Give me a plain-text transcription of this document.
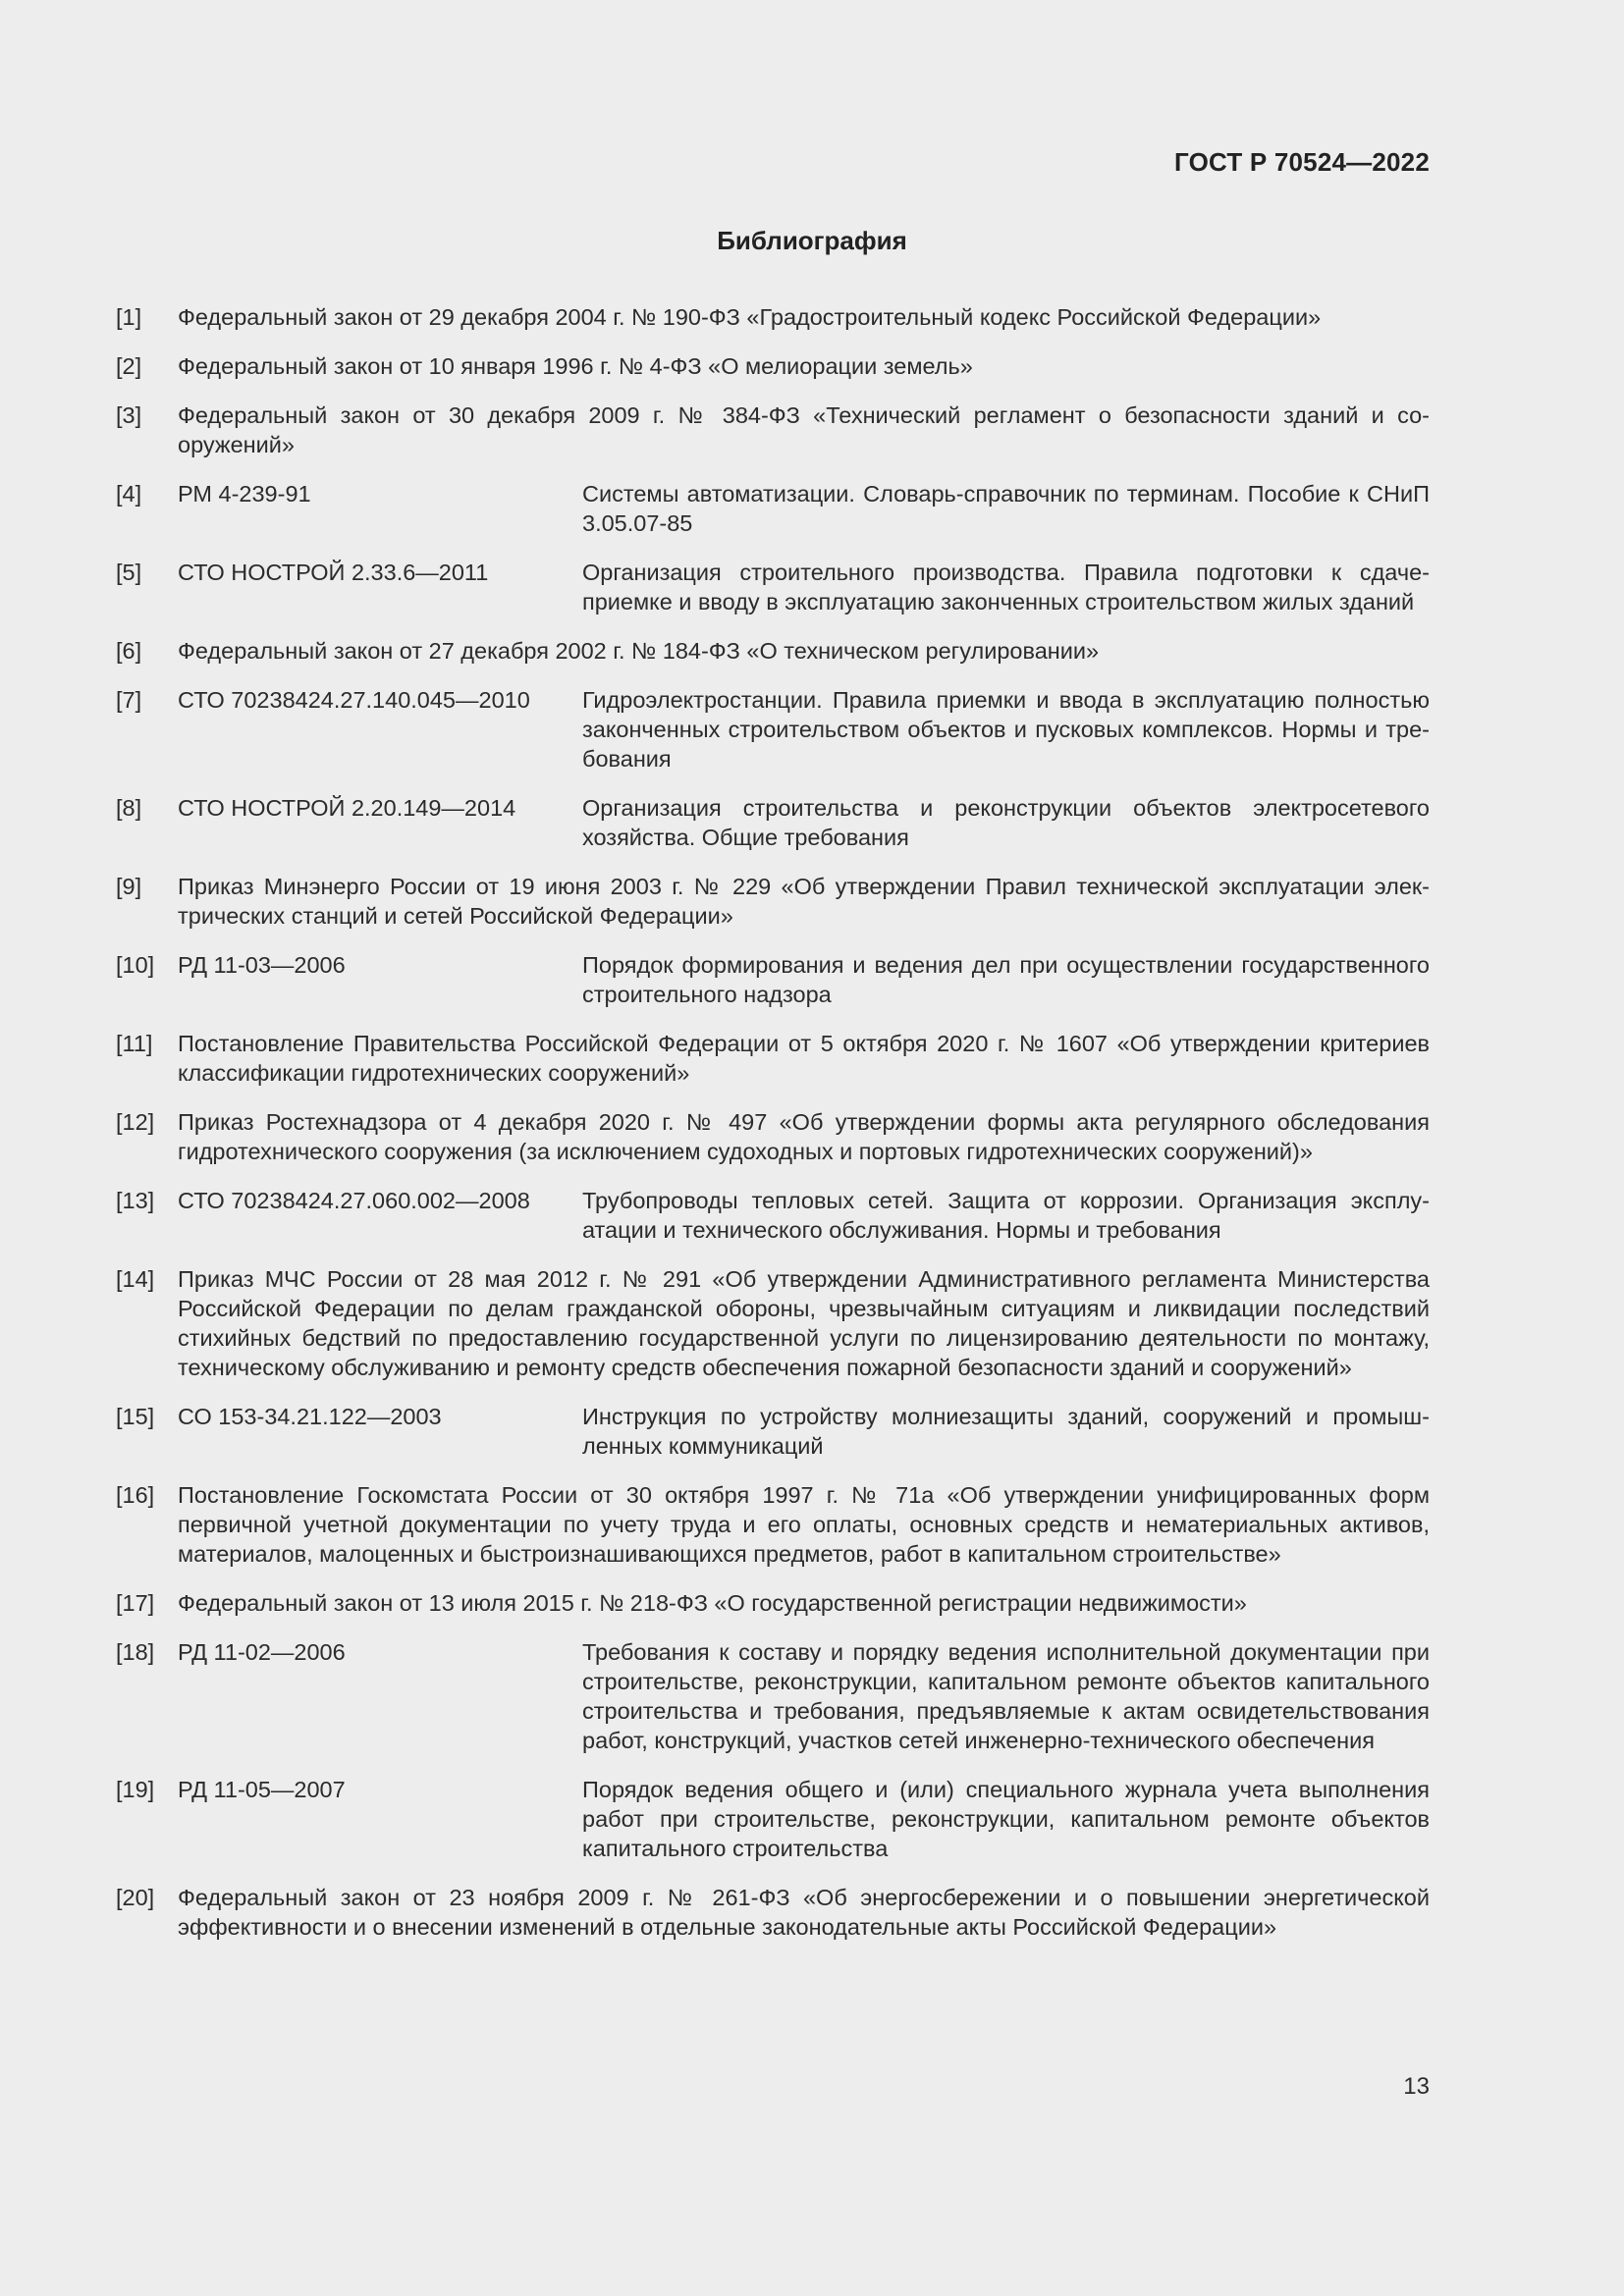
ГОСТ Р 70524—2022
Библиография
[1]	Федеральный закон от 29 декабря 2004 г. № 190-ФЗ «Градостроительный кодекс Российской Федерации»
[2]	Федеральный закон от 10 января 1996 г. № 4-ФЗ «О мелиорации земель»
[3]	Федеральный закон от 30 декабря 2009 г. № 384-ФЗ «Технический регламент о безопасности зданий и сооружений»
[4]	РМ 4-239-91	Системы автоматизации. Словарь-справочник по терминам. Пособие к СНиП 3.05.07-85
[5]	СТО НОСТРОЙ 2.33.6—2011	Организация строительного производства. Правила подготовки к сдаче-приемке и вводу в эксплуатацию законченных строительством жилых зданий
[6]	Федеральный закон от 27 декабря 2002 г. № 184-ФЗ «О техническом регулировании»
[7]	СТО 70238424.27.140.045—2010	Гидроэлектростанции. Правила приемки и ввода в эксплуатацию полностью законченных строительством объектов и пусковых комплексов. Нормы и требования
[8]	СТО НОСТРОЙ 2.20.149—2014	Организация строительства и реконструкции объектов электросетевого хозяйства. Общие требования
[9]	Приказ Минэнерго России от 19 июня 2003 г. № 229 «Об утверждении Правил технической эксплуатации электрических станций и сетей Российской Федерации»
[10]	РД 11-03—2006	Порядок формирования и ведения дел при осуществлении государственного строительного надзора
[11]	Постановление Правительства Российской Федерации от 5 октября 2020 г. № 1607 «Об утверждении критериев классификации гидротехнических сооружений»
[12]	Приказ Ростехнадзора от 4 декабря 2020 г. № 497 «Об утверждении формы акта регулярного обследования гидротехнического сооружения (за исключением судоходных и портовых гидротехнических сооружений)»
[13]	СТО 70238424.27.060.002—2008	Трубопроводы тепловых сетей. Защита от коррозии. Организация эксплуатации и технического обслуживания. Нормы и требования
[14]	Приказ МЧС России от 28 мая 2012 г. № 291 «Об утверждении Административного регламента Министерства Российской Федерации по делам гражданской обороны, чрезвычайным ситуациям и ликвидации последствий стихийных бедствий по предоставлению государственной услуги по лицензированию деятельности по монтажу, техническому обслуживанию и ремонту средств обеспечения пожарной безопасности зданий и сооружений»
[15]	СО 153-34.21.122—2003	Инструкция по устройству молниезащиты зданий, сооружений и промышленных коммуникаций
[16]	Постановление Госкомстата России от 30 октября 1997 г. № 71а «Об утверждении унифицированных форм первичной учетной документации по учету труда и его оплаты, основных средств и нематериальных активов, материалов, малоценных и быстроизнашивающихся предметов, работ в капитальном строительстве»
[17]	Федеральный закон от 13 июля 2015 г. № 218-ФЗ «О государственной регистрации недвижимости»
[18]	РД 11-02—2006	Требования к составу и порядку ведения исполнительной документации при строительстве, реконструкции, капитальном ремонте объектов капитального строительства и требования, предъявляемые к актам освидетельствования работ, конструкций, участков сетей инженерно-технического обеспечения
[19]	РД 11-05—2007	Порядок ведения общего и (или) специального журнала учета выполнения работ при строительстве, реконструкции, капитальном ремонте объектов капитального строительства
[20]	Федеральный закон от 23 ноября 2009 г. № 261-ФЗ «Об энергосбережении и о повышении энергетической эффективности и о внесении изменений в отдельные законодательные акты Российской Федерации»
13
